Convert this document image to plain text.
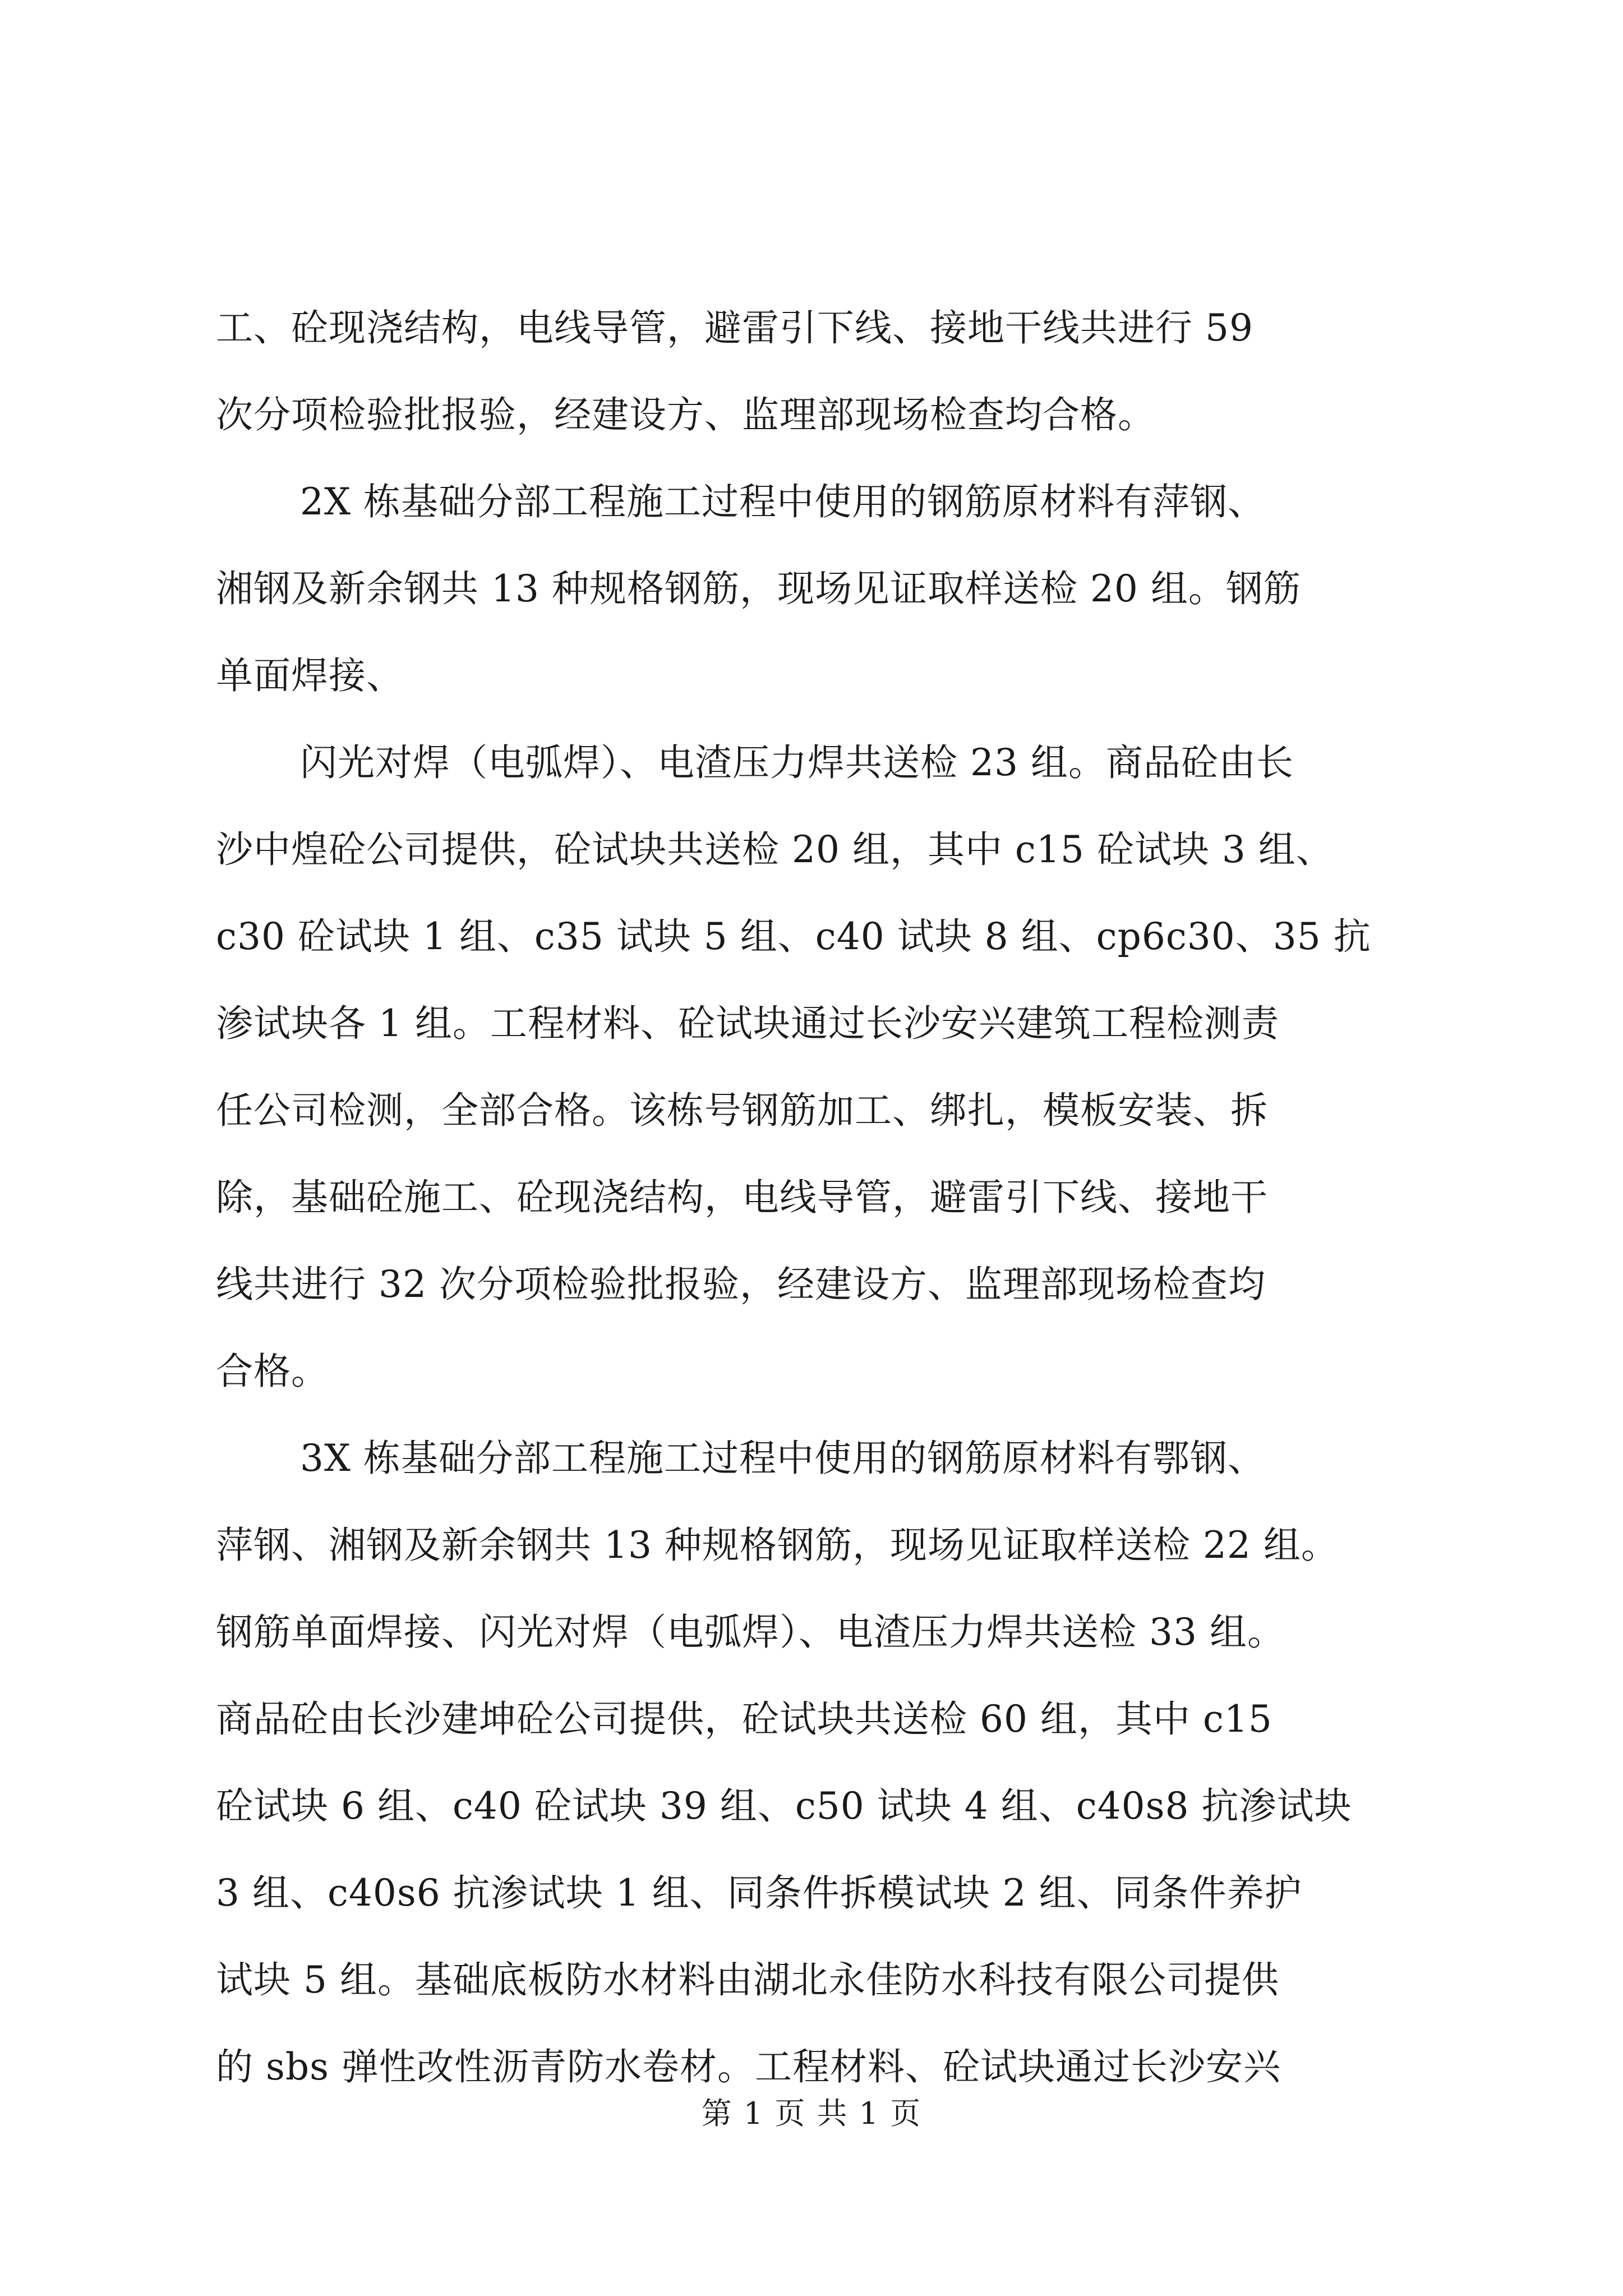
工、砼现浇结构，电线导管，避雷引下线、接地干线共进行 59
次分项检验批报验，经建设方、监理部现场检查均合格。
2X 栋基础分部工程施工过程中使用的钢筋原材料有萍钢、
湘钢及新余钢共 13 种规格钢筋，现场见证取样送检 20 组。钢筋
单面焊接、
闪光对焊（电弧焊）、电渣压力焊共送检 23 组。商品砼由长
沙中煌砼公司提供，砼试块共送检 20 组，其中 c15 砼试块 3 组、
c30 砼试块 1 组、c35 试块 5 组、c40 试块 8 组、cp6c30、35 抗
渗试块各 1 组。工程材料、砼试块通过长沙安兴建筑工程检测责
任公司检测，全部合格。该栋号钢筋加工、绑扎，模板安装、拆
除，基础砼施工、砼现浇结构，电线导管，避雷引下线、接地干
线共进行 32 次分项检验批报验，经建设方、监理部现场检查均
合格。
3X 栋基础分部工程施工过程中使用的钢筋原材料有鄂钢、
萍钢、湘钢及新余钢共 13 种规格钢筋，现场见证取样送检 22 组。
钢筋单面焊接、闪光对焊（电弧焊）、电渣压力焊共送检 33 组。
商品砼由长沙建坤砼公司提供，砼试块共送检 60 组，其中 c15
砼试块 6 组、c40 砼试块 39 组、c50 试块 4 组、c40s8 抗渗试块
3 组、c40s6 抗渗试块 1 组、同条件拆模试块 2 组、同条件养护
试块 5 组。基础底板防水材料由湖北永佳防水科技有限公司提供
的 sbs 弹性改性沥青防水卷材。工程材料、砼试块通过长沙安兴
第 1 页 共 1 页
